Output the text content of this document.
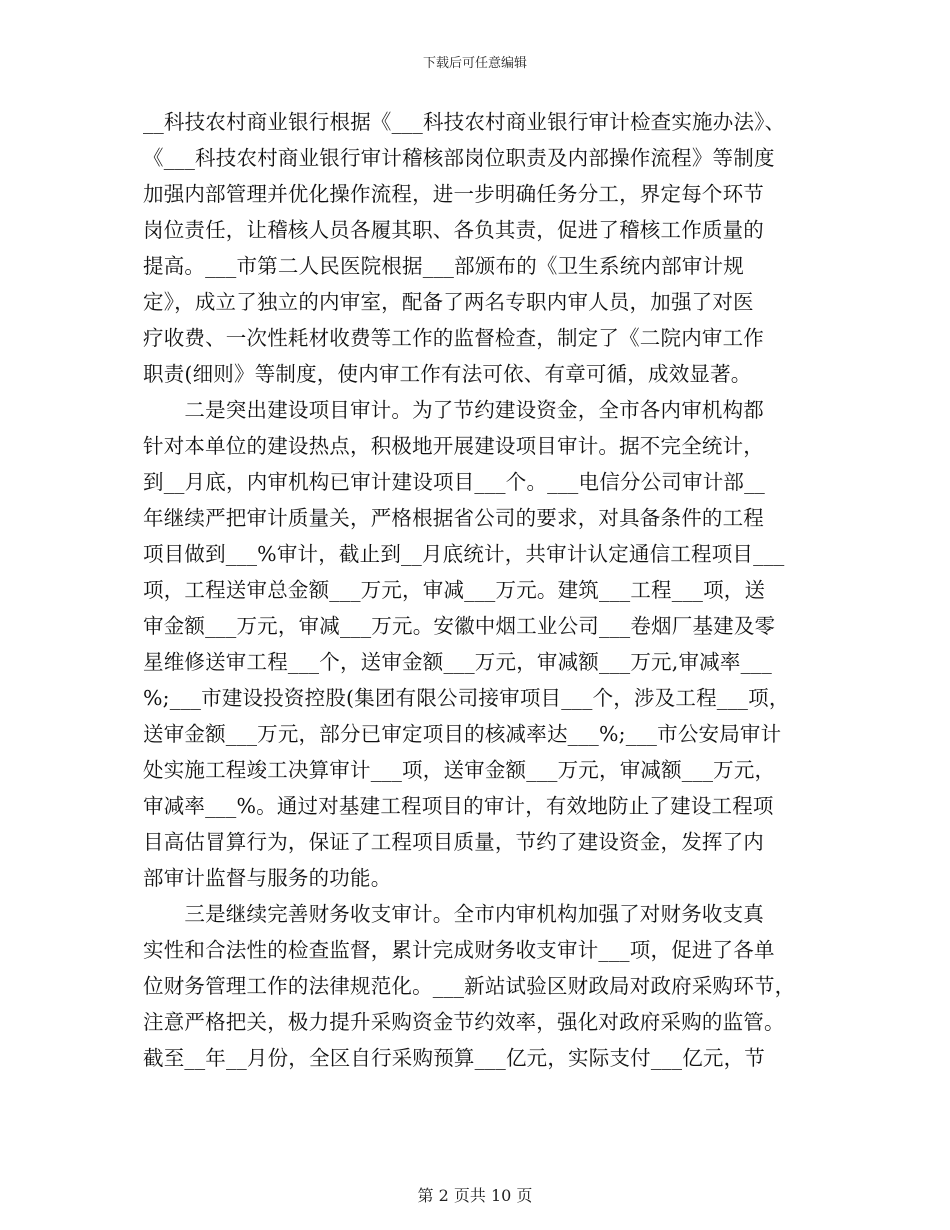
下载后可任意编辑
__科技农村商业银行根据《___科技农村商业银行审计检查实施办法》、
《___科技农村商业银行审计稽核部岗位职责及内部操作流程》等制度
加强内部管理并优化操作流程，进一步明确任务分工，界定每个环节
岗位责任，让稽核人员各履其职、各负其责，促进了稽核工作质量的
提高。___市第二人民医院根据___部颁布的《卫生系统内部审计规
定》，成立了独立的内审室，配备了两名专职内审人员，加强了对医
疗收费、一次性耗材收费等工作的监督检查，制定了《二院内审工作
职责(细则》等制度，使内审工作有法可依、有章可循，成效显著。
　　二是突出建设项目审计。为了节约建设资金，全市各内审机构都
针对本单位的建设热点，积极地开展建设项目审计。据不完全统计，
到__月底，内审机构已审计建设项目___个。___电信分公司审计部__
年继续严把审计质量关，严格根据省公司的要求，对具备条件的工程
项目做到___%审计，截止到__月底统计，共审计认定通信工程项目___
项，工程送审总金额___万元，审减___万元。建筑___工程___项，送
审金额___万元，审减___万元。安徽中烟工业公司___卷烟厂基建及零
星维修送审工程___个，送审金额___万元，审减额___万元,审减率___
%;___市建设投资控股(集团有限公司接审项目___个，涉及工程___项，
送审金额___万元，部分已审定项目的核减率达___%;___市公安局审计
处实施工程竣工决算审计___项，送审金额___万元，审减额___万元，
审减率___%。通过对基建工程项目的审计，有效地防止了建设工程项
目高估冒算行为，保证了工程项目质量，节约了建设资金，发挥了内
部审计监督与服务的功能。
　　三是继续完善财务收支审计。全市内审机构加强了对财务收支真
实性和合法性的检查监督，累计完成财务收支审计___项，促进了各单
位财务管理工作的法律规范化。___新站试验区财政局对政府采购环节，
注意严格把关，极力提升采购资金节约效率，强化对政府采购的监管。
截至__年__月份，全区自行采购预算___亿元，实际支付___亿元，节
第 2 页共 10 页
